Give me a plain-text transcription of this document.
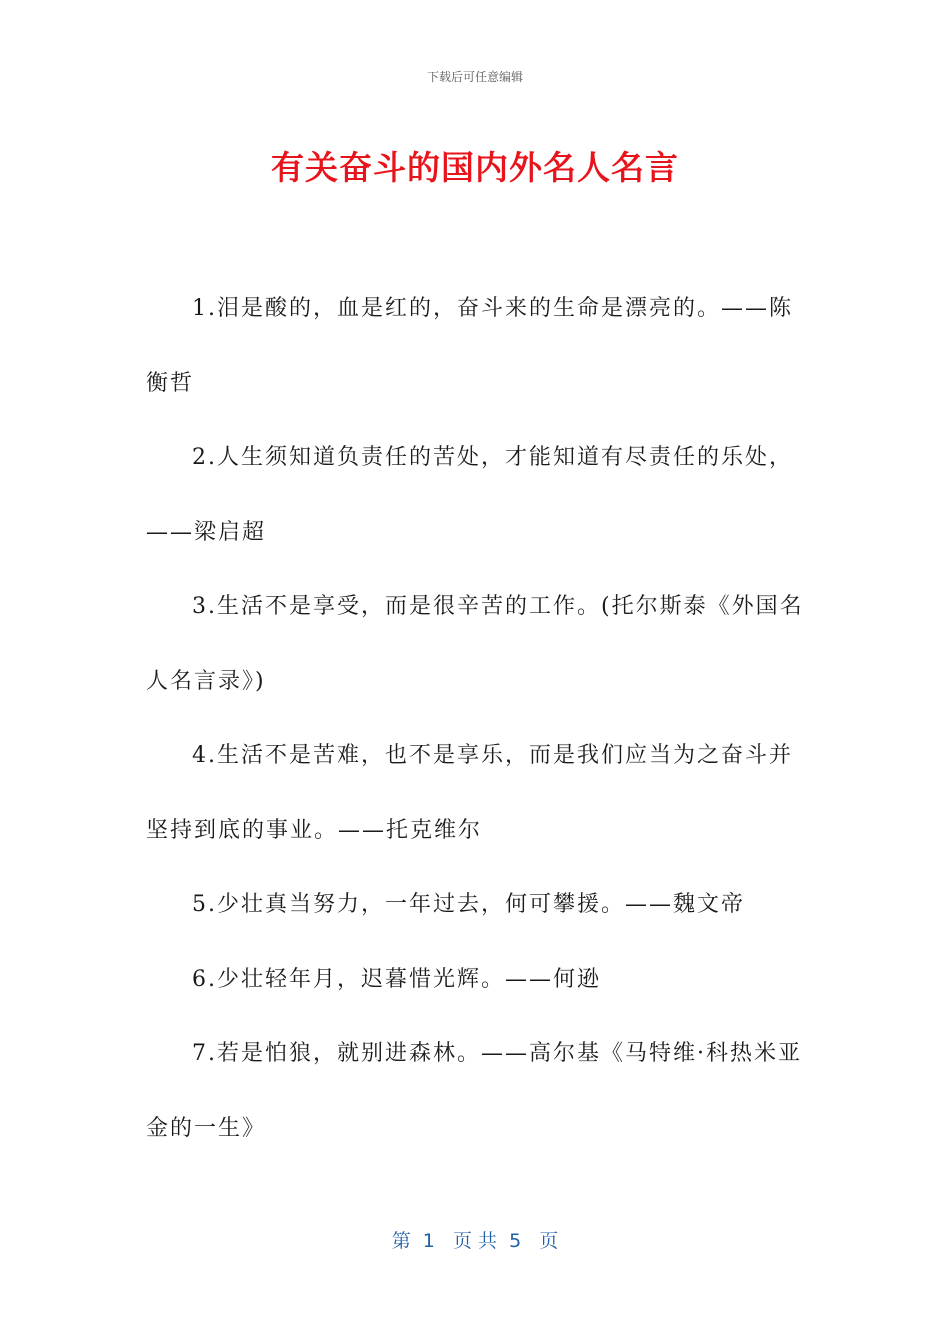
下载后可任意编辑
有关奋斗的国内外名人名言

1.泪是酸的，血是红的，奋斗来的生命是漂亮的。——陈衡哲

2.人生须知道负责任的苦处，才能知道有尽责任的乐处，——梁启超

3.生活不是享受，而是很辛苦的工作。(托尔斯泰《外国名人名言录》)

4.生活不是苦难，也不是享乐，而是我们应当为之奋斗并坚持到底的事业。——托克维尔

5.少壮真当努力，一年过去，何可攀援。——魏文帝

6.少壮轻年月，迟暮惜光辉。——何逊

7.若是怕狼，就别进森林。——高尔基《马特维·科热米亚金的一生》

第  1   页 共  5   页
